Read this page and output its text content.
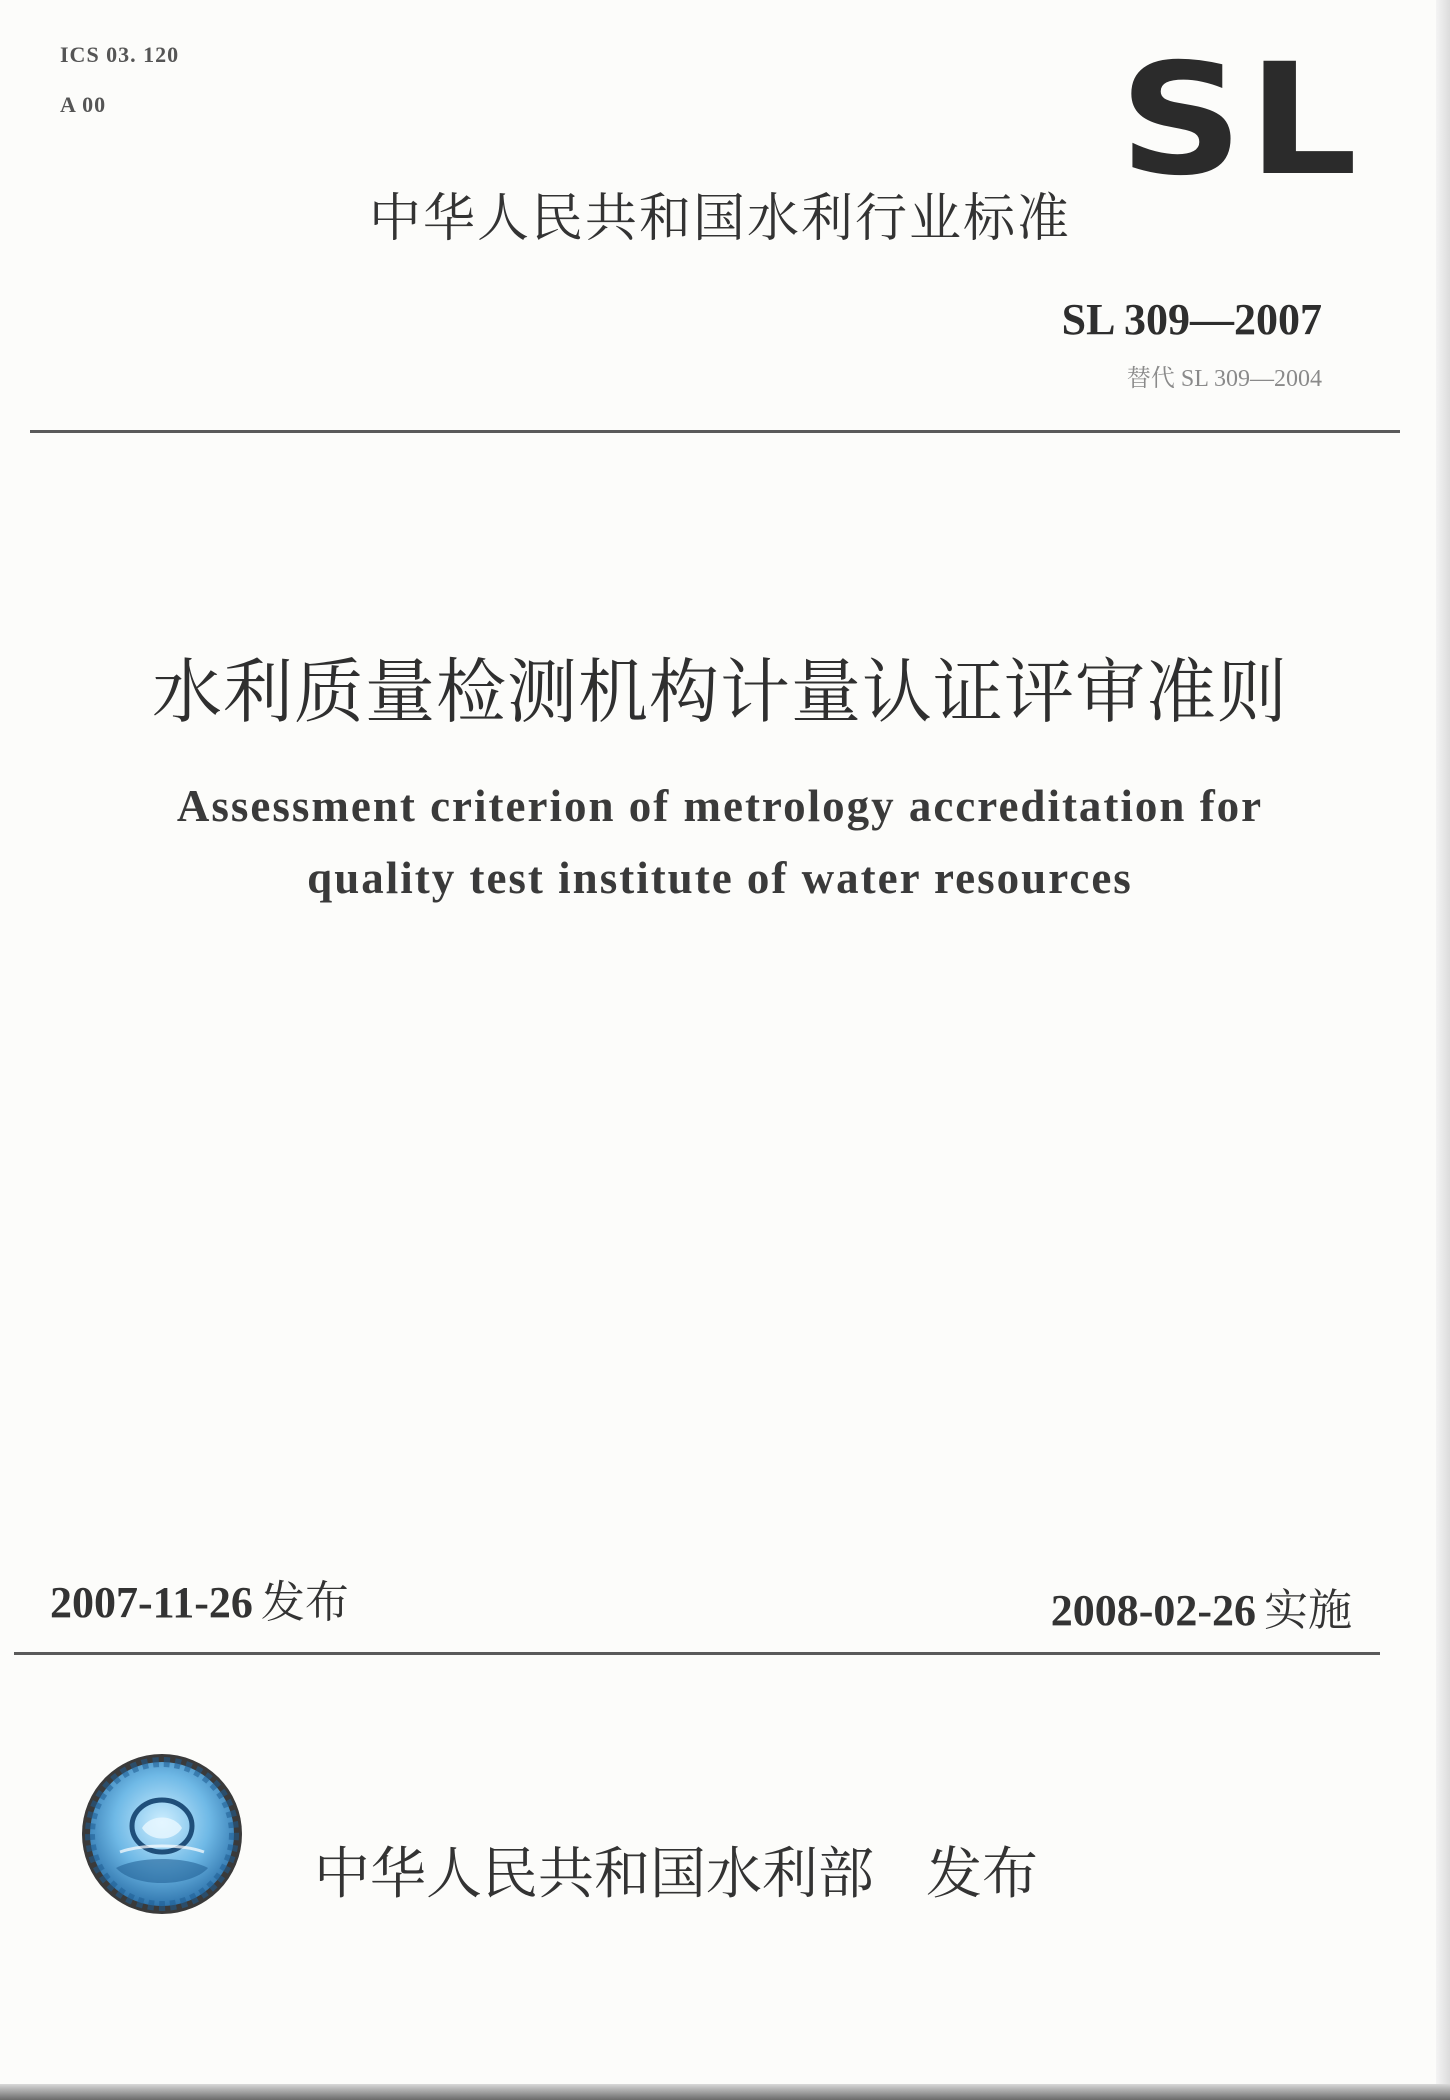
ICS 03. 120
A 00	SL
中华人民共和国水利行业标准
SL 309—2007
替代 SL 309—2004
水利质量检测机构计量认证评审准则
Assessment criterion of metrology accreditation for
quality test institute of water resources
2007-11-26 发布	2008-02-26 实施
中华人民共和国水利部 发布
